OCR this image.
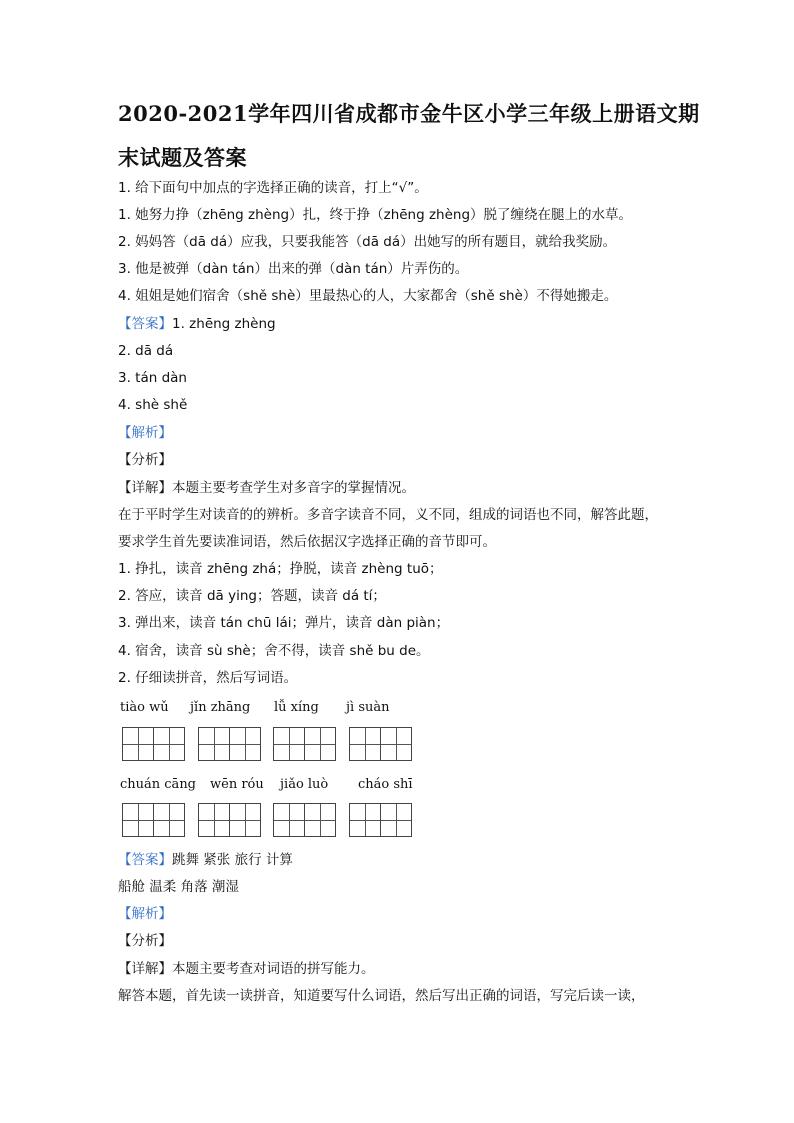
2020-2021学年四川省成都市金牛区小学三年级上册语文期
末试题及答案
1. 给下面句中加点的字选择正确的读音，打上“√”。
1. 她努力挣（zhēng zhèng）扎，终于挣（zhēng zhèng）脱了缠绕在腿上的水草。
2. 妈妈答（dā dá）应我，只要我能答（dā dá）出她写的所有题目，就给我奖励。
3. 他是被弹（dàn tán）出来的弹（dàn tán）片弄伤的。
4. 姐姐是她们宿舍（shě shè）里最热心的人，大家都舍（shě shè）不得她搬走。
【答案】1. zhēng zhèng
2. dā dá
3. tán dàn
4. shè shě
【解析】
【分析】
【详解】本题主要考查学生对多音字的掌握情况。
在于平时学生对读音的的辨析。多音字读音不同，义不同，组成的词语也不同，解答此题，
要求学生首先要读准词语，然后依据汉字选择正确的音节即可。
1. 挣扎，读音 zhēng zhá；挣脱，读音 zhèng tuō；
2. 答应，读音 dā ying；答题，读音 dá tí；
3. 弹出来，读音 tán chū lái；弹片，读音 dàn piàn；
4. 宿舍，读音 sù shè；舍不得，读音 shě bu de。
2. 仔细读拼音，然后写词语。
tiào wǔ jǐn zhāng lǚ xíng jì suàn
chuán cāng wēn róu jiǎo luò cháo shī
【答案】跳舞 紧张 旅行 计算
船舱 温柔 角落 潮湿
【解析】
【分析】
【详解】本题主要考查对词语的拼写能力。
解答本题，首先读一读拼音，知道要写什么词语，然后写出正确的词语，写完后读一读，
